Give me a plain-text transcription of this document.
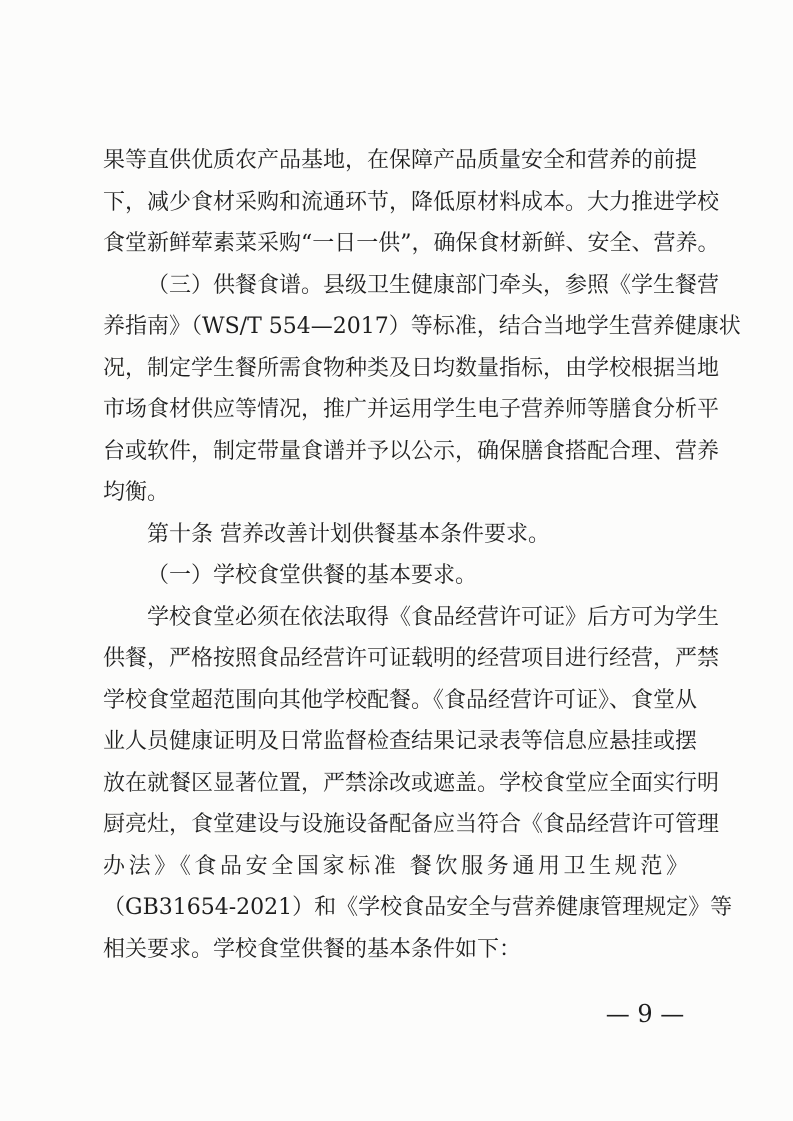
果等直供优质农产品基地，在保障产品质量安全和营养的前提
下，减少食材采购和流通环节，降低原材料成本。大力推进学校
食堂新鲜荤素菜采购“一日一供”，确保食材新鲜、安全、营养。
（三）供餐食谱。县级卫生健康部门牵头，参照《学生餐营
养指南》（WS/T 554—2017）等标准，结合当地学生营养健康状
况，制定学生餐所需食物种类及日均数量指标，由学校根据当地
市场食材供应等情况，推广并运用学生电子营养师等膳食分析平
台或软件，制定带量食谱并予以公示，确保膳食搭配合理、营养
均衡。
第十条 营养改善计划供餐基本条件要求。
（一）学校食堂供餐的基本要求。
学校食堂必须在依法取得《食品经营许可证》后方可为学生
供餐，严格按照食品经营许可证载明的经营项目进行经营，严禁
学校食堂超范围向其他学校配餐。《食品经营许可证》、食堂从
业人员健康证明及日常监督检查结果记录表等信息应悬挂或摆
放在就餐区显著位置，严禁涂改或遮盖。学校食堂应全面实行明
厨亮灶，食堂建设与设施设备配备应当符合《食品经营许可管理
办法》《食品安全国家标准 餐饮服务通用卫生规范》
（GB31654-2021）和《学校食品安全与营养健康管理规定》等
相关要求。学校食堂供餐的基本条件如下：
— 9 —
